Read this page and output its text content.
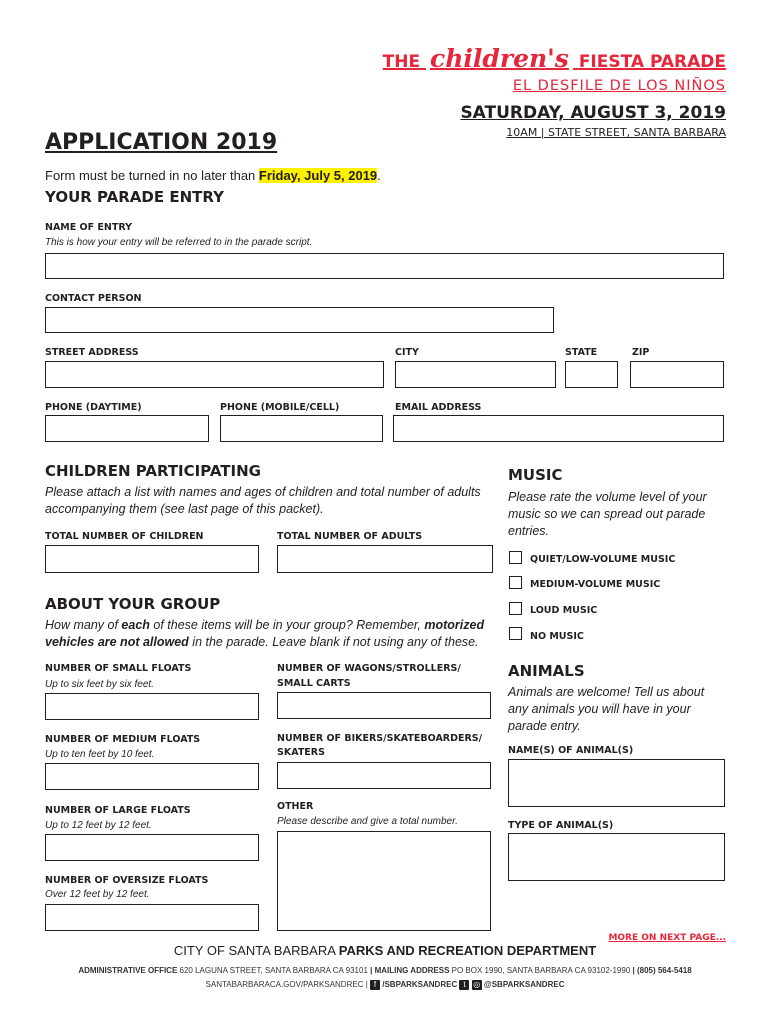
THE children's FIESTA PARADE
EL DESFILE DE LOS NIÑOS
SATURDAY, AUGUST 3, 2019
10AM | STATE STREET, SANTA BARBARA
APPLICATION 2019
Form must be turned in no later than Friday, July 5, 2019.
YOUR PARADE ENTRY
NAME OF ENTRY
This is how your entry will be referred to in the parade script.
CONTACT PERSON
STREET ADDRESS	CITY	STATE	ZIP
PHONE (DAYTIME)	PHONE (MOBILE/CELL)	EMAIL ADDRESS
CHILDREN PARTICIPATING
Please attach a list with names and ages of children and total number of adults accompanying them (see last page of this packet).
TOTAL NUMBER OF CHILDREN	TOTAL NUMBER OF ADULTS
ABOUT YOUR GROUP
How many of each of these items will be in your group? Remember, motorized vehicles are not allowed in the parade. Leave blank if not using any of these.
NUMBER OF SMALL FLOATS
Up to six feet by six feet.
NUMBER OF WAGONS/STROLLERS/
SMALL CARTS
NUMBER OF MEDIUM FLOATS
Up to ten feet by 10 feet.
NUMBER OF BIKERS/SKATEBOARDERS/
SKATERS
NUMBER OF LARGE FLOATS
Up to 12 feet by 12 feet.
OTHER
Please describe and give a total number.
NUMBER OF OVERSIZE FLOATS
Over 12 feet by 12 feet.
MUSIC
Please rate the volume level of your music so we can spread out parade entries.
QUIET/LOW-VOLUME MUSIC
MEDIUM-VOLUME MUSIC
LOUD MUSIC
NO MUSIC
ANIMALS
Animals are welcome! Tell us about any animals you will have in your parade entry.
NAME(S) OF ANIMAL(S)
TYPE OF ANIMAL(S)
MORE ON NEXT PAGE...
CITY OF SANTA BARBARA PARKS AND RECREATION DEPARTMENT
ADMINISTRATIVE OFFICE 620 LAGUNA STREET, SANTA BARBARA CA 93101 | MAILING ADDRESS PO BOX 1990, SANTA BARBARA CA 93102-1990 | (805) 564-5418
SANTABARBARACA.GOV/PARKSANDREC | f /SBPARKSANDREC t ◎ @SBPARKSANDREC
